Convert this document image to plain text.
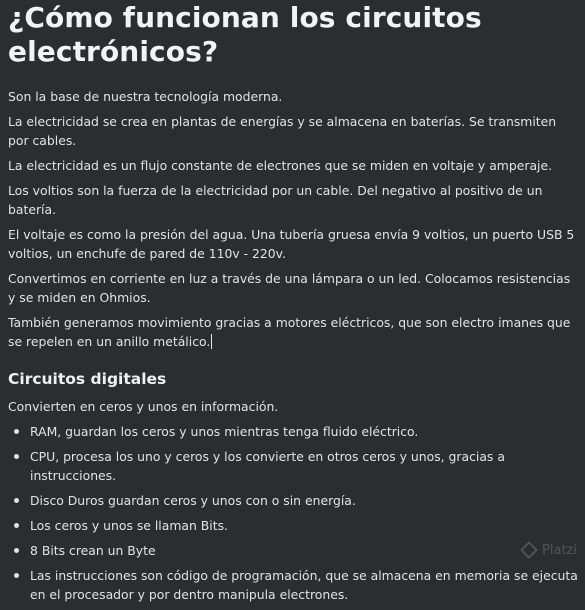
¿Cómo funcionan los circuitos electrónicos?
Son la base de nuestra tecnología moderna.
La electricidad se crea en plantas de energías y se almacena en baterías. Se transmiten por cables.
La electricidad es un flujo constante de electrones que se miden en voltaje y amperaje.
Los voltios son la fuerza de la electricidad por un cable. Del negativo al positivo de un batería.
El voltaje es como la presión del agua. Una tubería gruesa envía 9 voltios, un puerto USB 5 voltios, un enchufe de pared de 110v - 220v.
Convertimos en corriente en luz a través de una lámpara o un led. Colocamos resistencias y se miden en Ohmios.
También generamos movimiento gracias a motores eléctricos, que son electro imanes que se repelen en un anillo metálico.
Circuitos digitales
Convierten en ceros y unos en información.
RAM, guardan los ceros y unos mientras tenga fluido eléctrico.
CPU, procesa los uno y ceros y los convierte en otros ceros y unos, gracias a instrucciones.
Disco Duros guardan ceros y unos con o sin energía.
Los ceros y unos se llaman Bits.
8 Bits crean un Byte
Las instrucciones son código de programación, que se almacena en memoria se ejecuta en el procesador y por dentro manipula electrones.
Platzi
